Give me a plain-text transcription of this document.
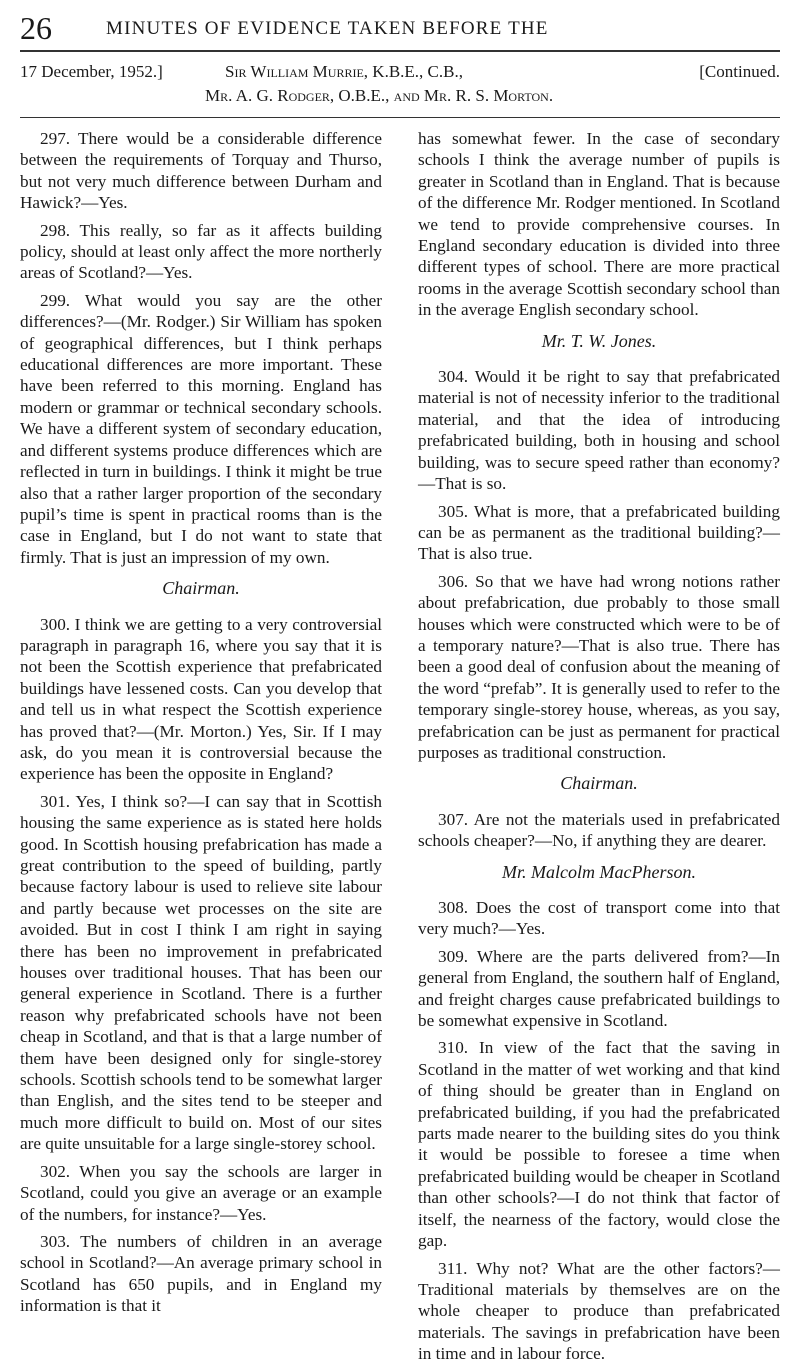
26	MINUTES OF EVIDENCE TAKEN BEFORE THE
17 December, 1952.]	Sir William Murrie, K.B.E., C.B.,	[Continued.
Mr. A. G. Rodger, O.B.E., and Mr. R. S. Morton.

297. There would be a considerable difference between the requirements of Torquay and Thurso, but not very much difference between Durham and Hawick?—Yes.

298. This really, so far as it affects building policy, should at least only affect the more northerly areas of Scotland?—Yes.

299. What would you say are the other differences?—(Mr. Rodger.) Sir William has spoken of geographical differences, but I think perhaps educational differences are more important. These have been referred to this morning. England has modern or grammar or technical secondary schools. We have a different system of secondary education, and different systems produce differences which are reflected in turn in buildings. I think it might be true also that a rather larger proportion of the secondary pupil’s time is spent in practical rooms than is the case in England, but I do not want to state that firmly. That is just an impression of my own.

Chairman.

300. I think we are getting to a very controversial paragraph in paragraph 16, where you say that it is not been the Scottish experience that prefabricated buildings have lessened costs. Can you develop that and tell us in what respect the Scottish experience has proved that?—(Mr. Morton.) Yes, Sir. If I may ask, do you mean it is controversial because the experience has been the opposite in England?

301. Yes, I think so?—I can say that in Scottish housing the same experience as is stated here holds good. In Scottish housing prefabrication has made a great contribution to the speed of building, partly because factory labour is used to relieve site labour and partly because wet processes on the site are avoided. But in cost I think I am right in saying there has been no improvement in prefabricated houses over traditional houses. That has been our general experience in Scotland. There is a further reason why prefabricated schools have not been cheap in Scotland, and that is that a large number of them have been designed only for single-storey schools. Scottish schools tend to be somewhat larger than English, and the sites tend to be steeper and much more difficult to build on. Most of our sites are quite unsuitable for a large single-storey school.

302. When you say the schools are larger in Scotland, could you give an average or an example of the numbers, for instance?—Yes.

303. The numbers of children in an average school in Scotland?—An average primary school in Scotland has 650 pupils, and in England my information is that it

has somewhat fewer. In the case of secondary schools I think the average number of pupils is greater in Scotland than in England. That is because of the difference Mr. Rodger mentioned. In Scotland we tend to provide comprehensive courses. In England secondary education is divided into three different types of school. There are more practical rooms in the average Scottish secondary school than in the average English secondary school.

Mr. T. W. Jones.

304. Would it be right to say that prefabricated material is not of necessity inferior to the traditional material, and that the idea of introducing prefabricated building, both in housing and school building, was to secure speed rather than economy?—That is so.

305. What is more, that a prefabricated building can be as permanent as the traditional building?—That is also true.

306. So that we have had wrong notions rather about prefabrication, due probably to those small houses which were constructed which were to be of a temporary nature?—That is also true. There has been a good deal of confusion about the meaning of the word “prefab”. It is generally used to refer to the temporary single-storey house, whereas, as you say, prefabrication can be just as permanent for practical purposes as traditional construction.

Chairman.

307. Are not the materials used in prefabricated schools cheaper?—No, if anything they are dearer.

Mr. Malcolm MacPherson.

308. Does the cost of transport come into that very much?—Yes.

309. Where are the parts delivered from?—In general from England, the southern half of England, and freight charges cause prefabricated buildings to be somewhat expensive in Scotland.

310. In view of the fact that the saving in Scotland in the matter of wet working and that kind of thing should be greater than in England on prefabricated building, if you had the prefabricated parts made nearer to the building sites do you think it would be possible to foresee a time when prefabricated building would be cheaper in Scotland than other schools?—I do not think that factor of itself, the nearness of the factory, would close the gap.

311. Why not? What are the other factors?—Traditional materials by themselves are on the whole cheaper to produce than prefabricated materials. The savings in prefabrication have been in time and in labour force.
